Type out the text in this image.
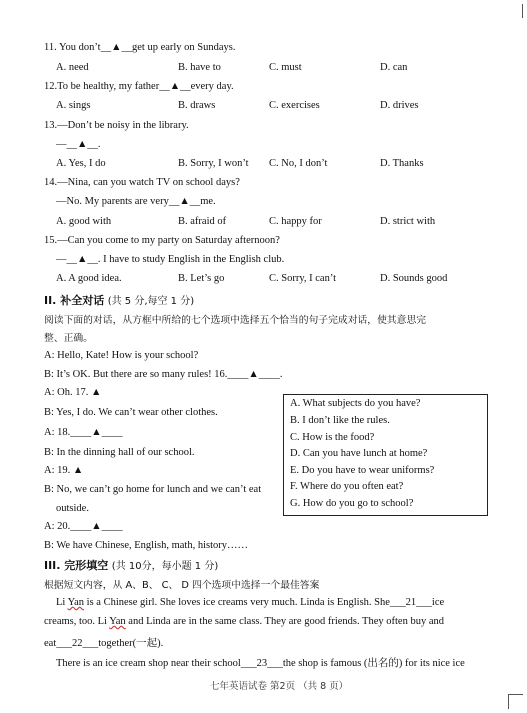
11. You don’t__▲__get up early on Sundays.
A. need	B. have to	C. must	D. can
12.To be healthy, my father__▲__every day.
A. sings	B. draws	C. exercises	D. drives
13.—Don’t be noisy in the library.
—__▲__.
A. Yes, I do	B. Sorry, I won’t C. No, I don’t	D. Thanks
14.—Nina, can you watch TV on school days?
—No. My parents are very__▲__me.
A. good with	B. afraid of	C. happy for	D. strict with
15.—Can you come to my party on Saturday afternoon?
—__▲__. I have to study English in the English club.
A. A good idea.	B. Let’s go	C. Sorry, I can’t	D. Sounds good
II. 补全对话 (共 5 分,每空 1 分)
阅读下面的对话，从方框中所给的七个选项中选择五个恰当的句子完成对话，使其意思完
整、正确。
A: Hello, Kate! How is your school?
B: It’s OK. But there are so many rules! 16.____▲____.
A: Oh. 17. ▲
B: Yes, I do. We can’t wear other clothes.
A: 18.____▲____
B: In the dinning hall of our school.
A: 19. ▲
B: No, we can’t go home for lunch and we can’t eat
outside.
A: 20.____▲____
B: We have Chinese, English, math, history……
A. What subjects do you have?
B. I don’t like the rules.
C. How is the food?
D. Can you have lunch at home?
E. Do you have to wear uniforms?
F. Where do you often eat?
G. How do you go to school?
III. 完形填空 (共 10分，每小题 1 分)
根据短文内容，从 A、B、 C、 D 四个选项中选择一个最佳答案
Li Yan is a Chinese girl. She loves ice creams very much. Linda is English. She___21___ice
creams, too. Li Yan and Linda are in the same class. They are good friends. They often buy and
eat___22___together(一起).
There is an ice cream shop near their school___23___the shop is famous (出名的) for its nice ice
七年英语试卷 第2页 （共 8 页）
